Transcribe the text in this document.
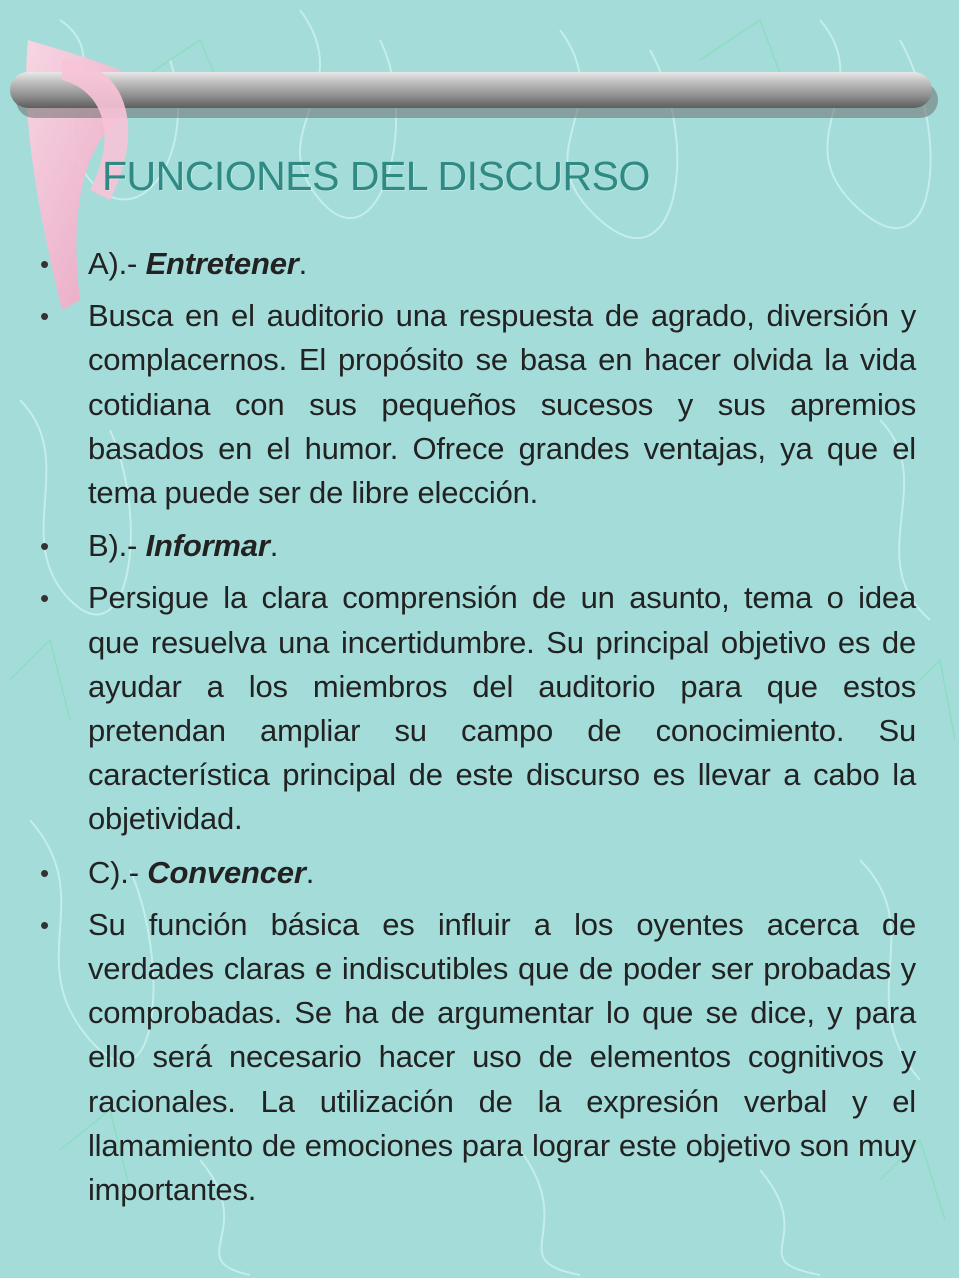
FUNCIONES DEL DISCURSO
• A).- Entretener.
• Busca en el auditorio una respuesta de agrado, diversión y complacernos. El propósito se basa en hacer olvida la vida cotidiana con sus pequeños sucesos y sus apremios basados en el humor. Ofrece grandes ventajas, ya que el tema puede ser de libre elección.
• B).- Informar.
• Persigue la clara comprensión de un asunto, tema o idea que resuelva una incertidumbre. Su principal objetivo es de ayudar a los miembros del auditorio para que estos pretendan ampliar su campo de conocimiento. Su característica principal de este discurso es llevar a cabo la objetividad.
• C).- Convencer.
• Su función básica es influir a los oyentes acerca de verdades claras e indiscutibles que de poder ser probadas y comprobadas. Se ha de argumentar lo que se dice, y para ello será necesario hacer uso de elementos cognitivos y racionales. La utilización de la expresión verbal y el llamamiento de emociones para lograr este objetivo son muy importantes.
